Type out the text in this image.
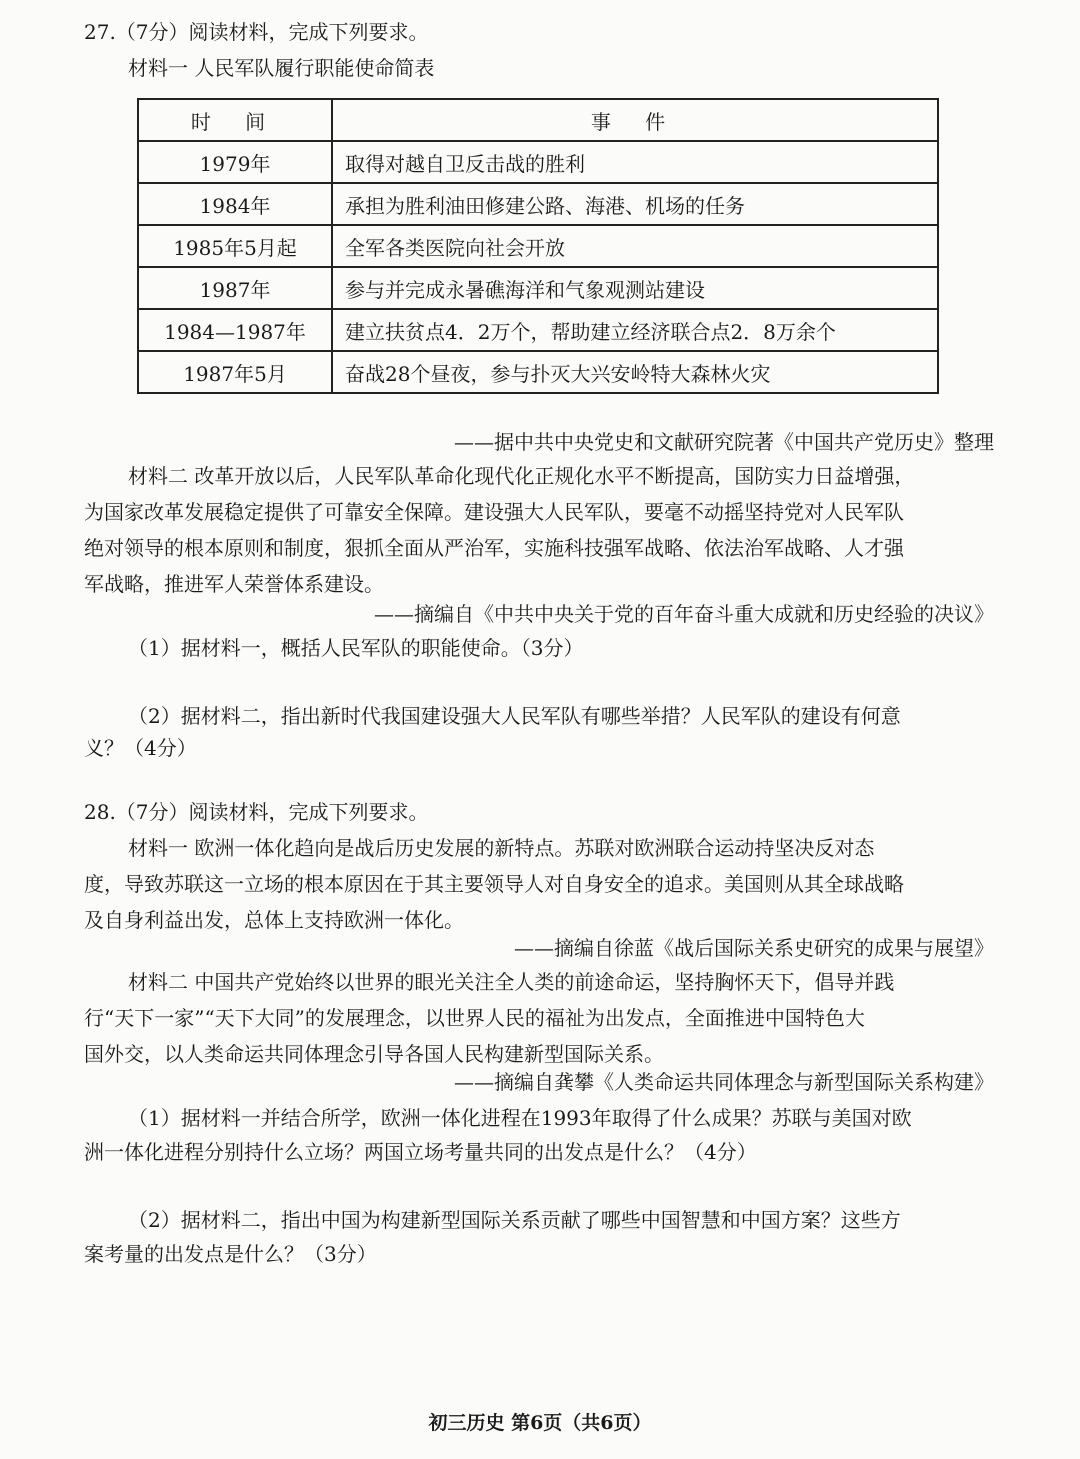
27.（7分）阅读材料，完成下列要求。
材料一 人民军队履行职能使命简表
时 间	事 件
1979年	取得对越自卫反击战的胜利
1984年	承担为胜利油田修建公路、海港、机场的任务
1985年5月起	全军各类医院向社会开放
1987年	参与并完成永暑礁海洋和气象观测站建设
1984—1987年	建立扶贫点4．2万个，帮助建立经济联合点2．8万余个
1987年5月	奋战28个昼夜，参与扑灭大兴安岭特大森林火灾
——据中共中央党史和文献研究院著《中国共产党历史》整理
材料二 改革开放以后，人民军队革命化现代化正规化水平不断提高，国防实力日益增强，
为国家改革发展稳定提供了可靠安全保障。建设强大人民军队，要毫不动摇坚持党对人民军队
绝对领导的根本原则和制度，狠抓全面从严治军，实施科技强军战略、依法治军战略、人才强
军战略，推进军人荣誉体系建设。
——摘编自《中共中央关于党的百年奋斗重大成就和历史经验的决议》
（1）据材料一，概括人民军队的职能使命。（3分）
（2）据材料二，指出新时代我国建设强大人民军队有哪些举措？人民军队的建设有何意
义？（4分）
28.（7分）阅读材料，完成下列要求。
材料一 欧洲一体化趋向是战后历史发展的新特点。苏联对欧洲联合运动持坚决反对态
度，导致苏联这一立场的根本原因在于其主要领导人对自身安全的追求。美国则从其全球战略
及自身利益出发，总体上支持欧洲一体化。
——摘编自徐蓝《战后国际关系史研究的成果与展望》
材料二 中国共产党始终以世界的眼光关注全人类的前途命运，坚持胸怀天下，倡导并践
行“天下一家”“天下大同”的发展理念，以世界人民的福祉为出发点，全面推进中国特色大
国外交，以人类命运共同体理念引导各国人民构建新型国际关系。
——摘编自龚攀《人类命运共同体理念与新型国际关系构建》
（1）据材料一并结合所学，欧洲一体化进程在1993年取得了什么成果？苏联与美国对欧
洲一体化进程分别持什么立场？两国立场考量共同的出发点是什么？（4分）
（2）据材料二，指出中国为构建新型国际关系贡献了哪些中国智慧和中国方案？这些方
案考量的出发点是什么？（3分）
初三历史 第6页（共6页）
